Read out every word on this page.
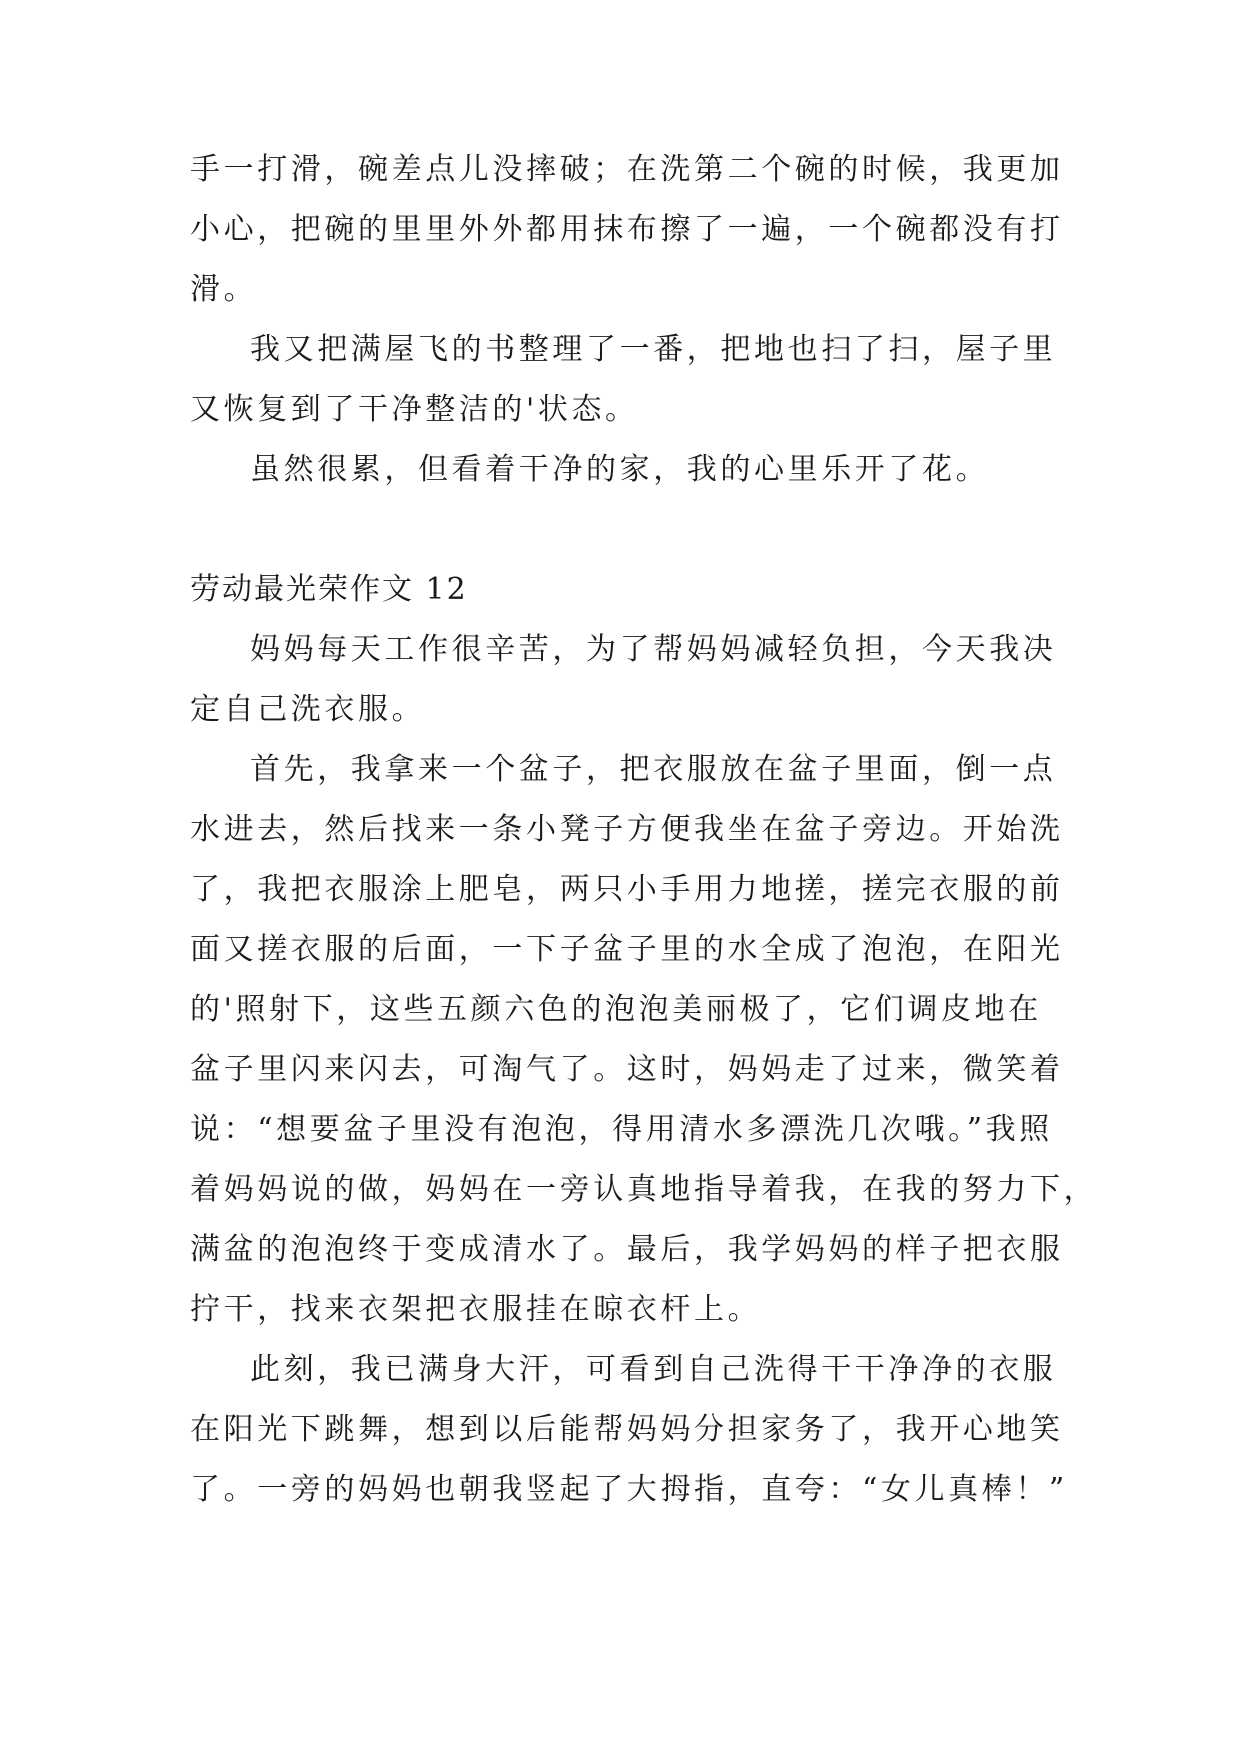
手一打滑，碗差点儿没摔破；在洗第二个碗的时候，我更加
小心，把碗的里里外外都用抹布擦了一遍，一个碗都没有打
滑。
我又把满屋飞的书整理了一番，把地也扫了扫，屋子里
又恢复到了干净整洁的'状态。
虽然很累，但看着干净的家，我的心里乐开了花。
劳动最光荣作文 12
妈妈每天工作很辛苦，为了帮妈妈减轻负担，今天我决
定自己洗衣服。
首先，我拿来一个盆子，把衣服放在盆子里面，倒一点
水进去，然后找来一条小凳子方便我坐在盆子旁边。开始洗
了，我把衣服涂上肥皂，两只小手用力地搓，搓完衣服的前
面又搓衣服的后面，一下子盆子里的水全成了泡泡，在阳光
的'照射下，这些五颜六色的泡泡美丽极了，它们调皮地在
盆子里闪来闪去，可淘气了。这时，妈妈走了过来，微笑着
说：“想要盆子里没有泡泡，得用清水多漂洗几次哦。”我照
着妈妈说的做，妈妈在一旁认真地指导着我，在我的努力下，
满盆的泡泡终于变成清水了。最后，我学妈妈的样子把衣服
拧干，找来衣架把衣服挂在晾衣杆上。
此刻，我已满身大汗，可看到自己洗得干干净净的衣服
在阳光下跳舞，想到以后能帮妈妈分担家务了，我开心地笑
了。一旁的妈妈也朝我竖起了大拇指，直夸：“女儿真棒！”
